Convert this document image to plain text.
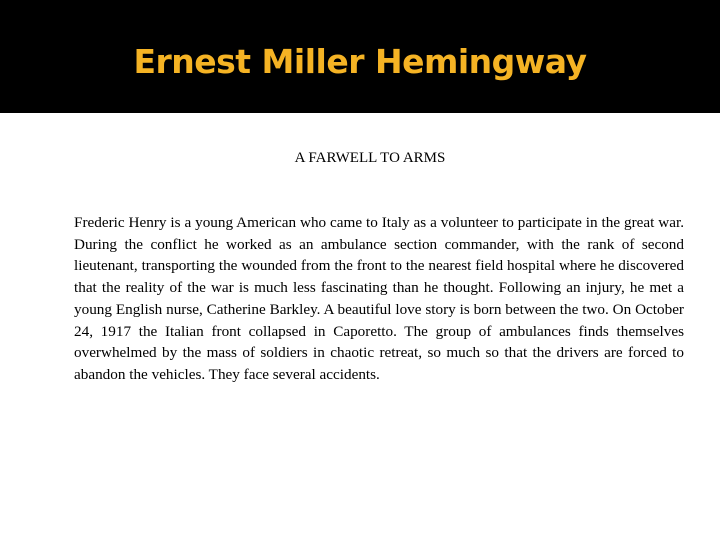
Ernest Miller Hemingway
A FARWELL TO ARMS
Frederic Henry is a young American who came to Italy as a volunteer to participate in the great war. During the conflict he worked as an ambulance section commander, with the rank of second lieutenant, transporting the wounded from the front to the nearest field hospital where he discovered that the reality of the war is much less fascinating than he thought. Following an injury, he met a young English nurse, Catherine Barkley. A beautiful love story is born between the two. On October 24, 1917 the Italian front collapsed in Caporetto. The group of ambulances finds themselves overwhelmed by the mass of soldiers in chaotic retreat, so much so that the drivers are forced to abandon the vehicles. They face several accidents.
